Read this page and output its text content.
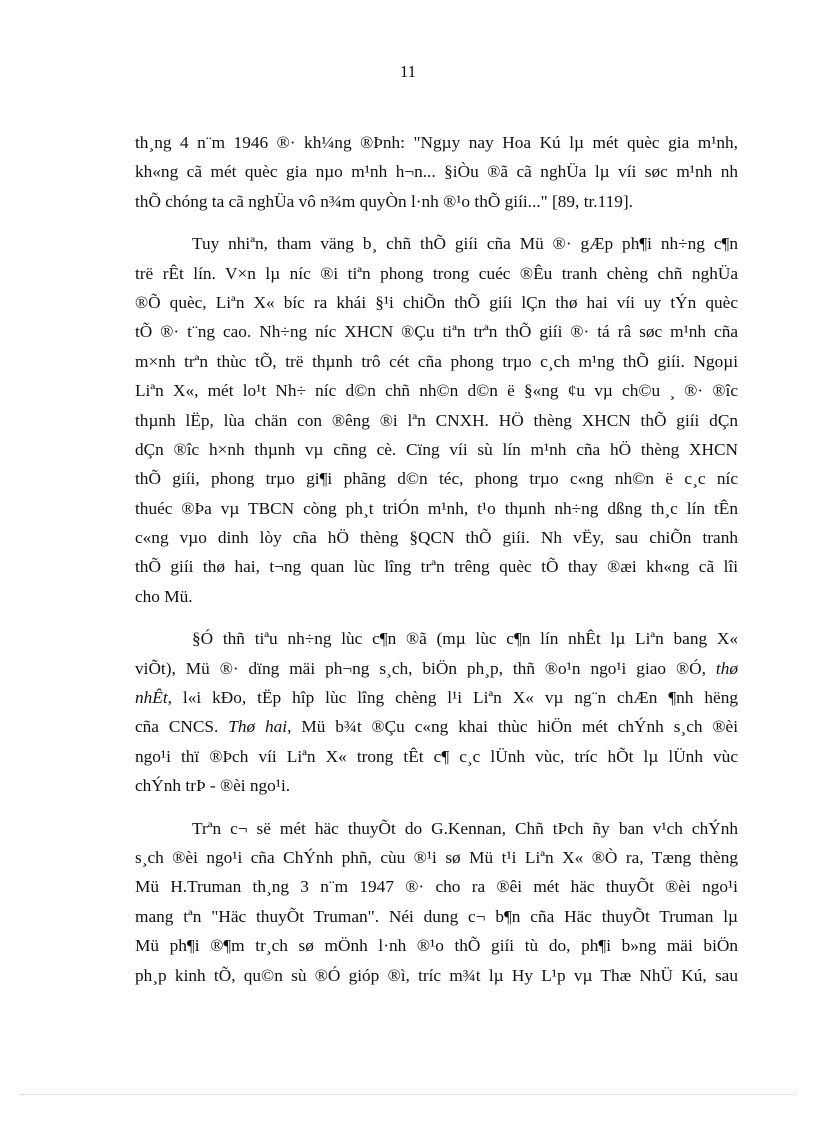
11
th¸ng 4 n¨m 1946 ®· kh¼ng ®Þnh: "Ngµy nay Hoa Kú lµ mét quèc gia m¹nh,
kh«ng cã mét quèc gia nµo m¹nh h¬n... §iÒu ®ã cã nghÜa lµ víi søc m¹nh nh
thÕ chóng ta cã nghÜa vô n¾m quyÒn l·nh ®¹o thÕ giíi..." [89, tr.119].
Tuy nhiªn, tham väng b¸ chñ thÕ giíi cña Mü ®· gÆp ph¶i nh÷ng c¶n
trë rÊt lín. V×n lµ níc ®i tiªn phong trong cuéc ®Êu tranh chèng chñ nghÜa
®Õ quèc, Liªn X« bíc ra khái §¹i chiÕn thÕ giíi lÇn thø hai víi uy tÝn quèc
tÕ ®· t¨ng cao. Nh÷ng níc XHCN ®Çu tiªn trªn thÕ giíi ®· tá râ søc m¹nh cña
m×nh trªn thùc tÕ, trë thµnh trô cét cña phong trµo c¸ch m¹ng thÕ giíi. Ngoµi
Liªn X«, mét lo¹t Nh÷ níc d©n chñ nh©n d©n ë §«ng ¢u vµ ch©u ¸ ®· ®îc
thµnh lËp, lùa chän con ®êng ®i lªn CNXH. HÖ thèng XHCN thÕ giíi dÇn
dÇn ®îc h×nh thµnh vµ cñng cè. Cïng víi sù lín m¹nh cña hÖ thèng XHCN
thÕ giíi, phong trµo gi¶i phãng d©n téc, phong trµo c«ng nh©n ë c¸c níc
thuéc ®Þa vµ TBCN còng ph¸t triÓn m¹nh, t¹o thµnh nh÷ng dßng th¸c lín tÊn
c«ng vµo dinh lòy cña hÖ thèng §QCN thÕ giíi. Nh vËy, sau chiÕn tranh
thÕ giíi thø hai, t¬ng quan lùc lîng trªn trêng quèc tÕ thay ®æi kh«ng cã lîi
cho Mü.
§Ó thñ tiªu nh÷ng lùc c¶n ®ã (mµ lùc c¶n lín nhÊt lµ Liªn bang X«
viÕt), Mü ®· dïng mäi ph¬ng s¸ch, biÖn ph¸p, thñ ®o¹n ngo¹i giao ®Ó, thø
nhÊt, l«i kÐo, tËp hîp lùc lîng chèng l¹i Liªn X« vµ ng¨n chÆn ¶nh hëng
cña CNCS. Thø hai, Mü b¾t ®Çu c«ng khai thùc hiÖn mét chÝnh s¸ch ®èi
ngo¹i thï ®Þch víi Liªn X« trong tÊt c¶ c¸c lÜnh vùc, tríc hÕt lµ lÜnh vùc
chÝnh trÞ - ®èi ngo¹i.
Trªn c¬ së mét häc thuyÕt do G.Kennan, Chñ tÞch ñy ban v¹ch chÝnh
s¸ch ®èi ngo¹i cña ChÝnh phñ, cùu ®¹i sø Mü t¹i Liªn X« ®Ò ra, Tæng thèng
Mü H.Truman th¸ng 3 n¨m 1947 ®· cho ra ®êi mét häc thuyÕt ®èi ngo¹i
mang tªn "Häc thuyÕt Truman". Néi dung c¬ b¶n cña Häc thuyÕt Truman lµ
Mü ph¶i ®¶m tr¸ch sø mÖnh l·nh ®¹o thÕ giíi tù do, ph¶i b»ng mäi biÖn
ph¸p kinh tÕ, qu©n sù ®Ó gióp ®ì, tríc m¾t lµ Hy L¹p vµ Thæ NhÜ Kú, sau
